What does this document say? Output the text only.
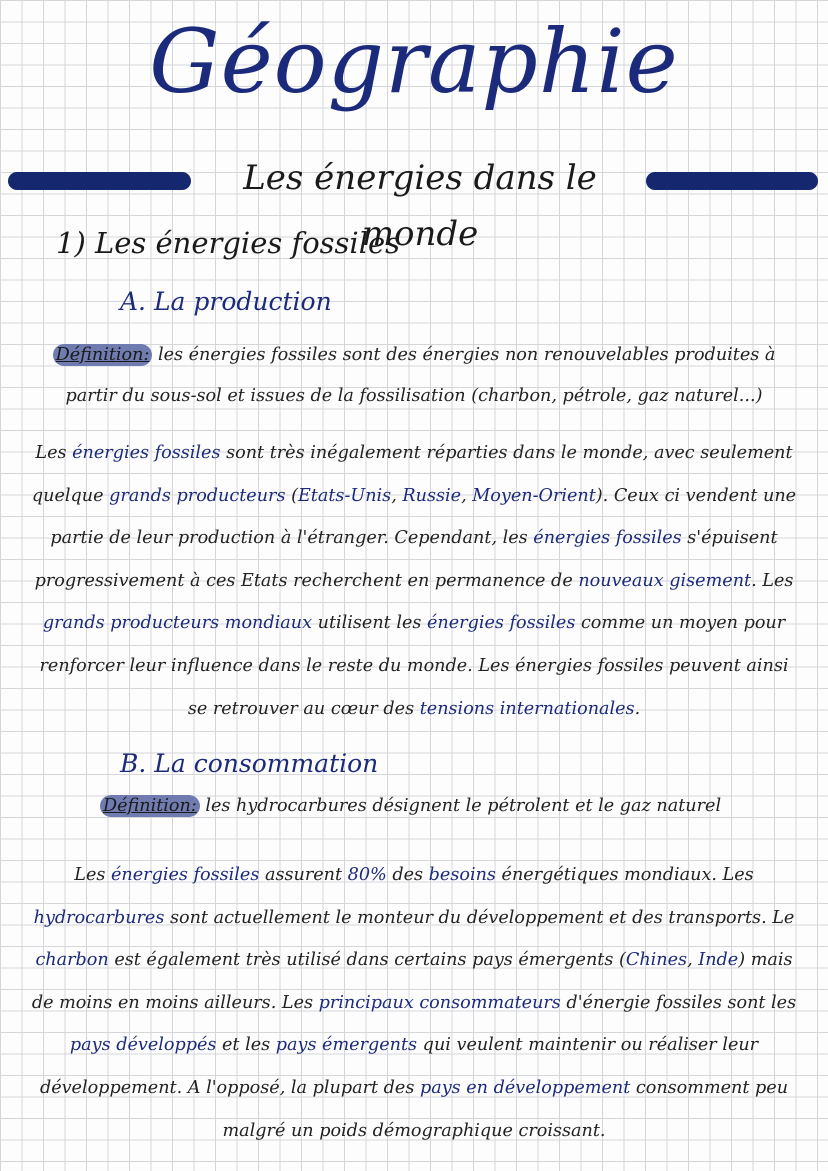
Géographie
Les énergies dans le monde
1) Les énergies fossiles
A. La production
Définition: les énergies fossiles sont des énergies non renouvelables produites à partir du sous-sol et issues de la fossilisation (charbon, pétrole, gaz naturel...)
Les énergies fossiles sont très inégalement réparties dans le monde, avec seulement quelque grands producteurs (Etats-Unis, Russie, Moyen-Orient). Ceux ci vendent une partie de leur production à l'étranger. Cependant, les énergies fossiles s'épuisent progressivement à ces Etats recherchent en permanence de nouveaux gisement. Les grands producteurs mondiaux utilisent les énergies fossiles comme un moyen pour renforcer leur influence dans le reste du monde. Les énergies fossiles peuvent ainsi se retrouver au cœur des tensions internationales.
B. La consommation
Définition: les hydrocarbures désignent le pétrolent et le gaz naturel
Les énergies fossiles assurent 80% des besoins énergétiques mondiaux. Les hydrocarbures sont actuellement le monteur du développement et des transports. Le charbon est également très utilisé dans certains pays émergents (Chines, Inde) mais de moins en moins ailleurs. Les principaux consommateurs d'énergie fossiles sont les pays développés et les pays émergents qui veulent maintenir ou réaliser leur développement. A l'opposé, la plupart des pays en développement consomment peu malgré un poids démographique croissant.
